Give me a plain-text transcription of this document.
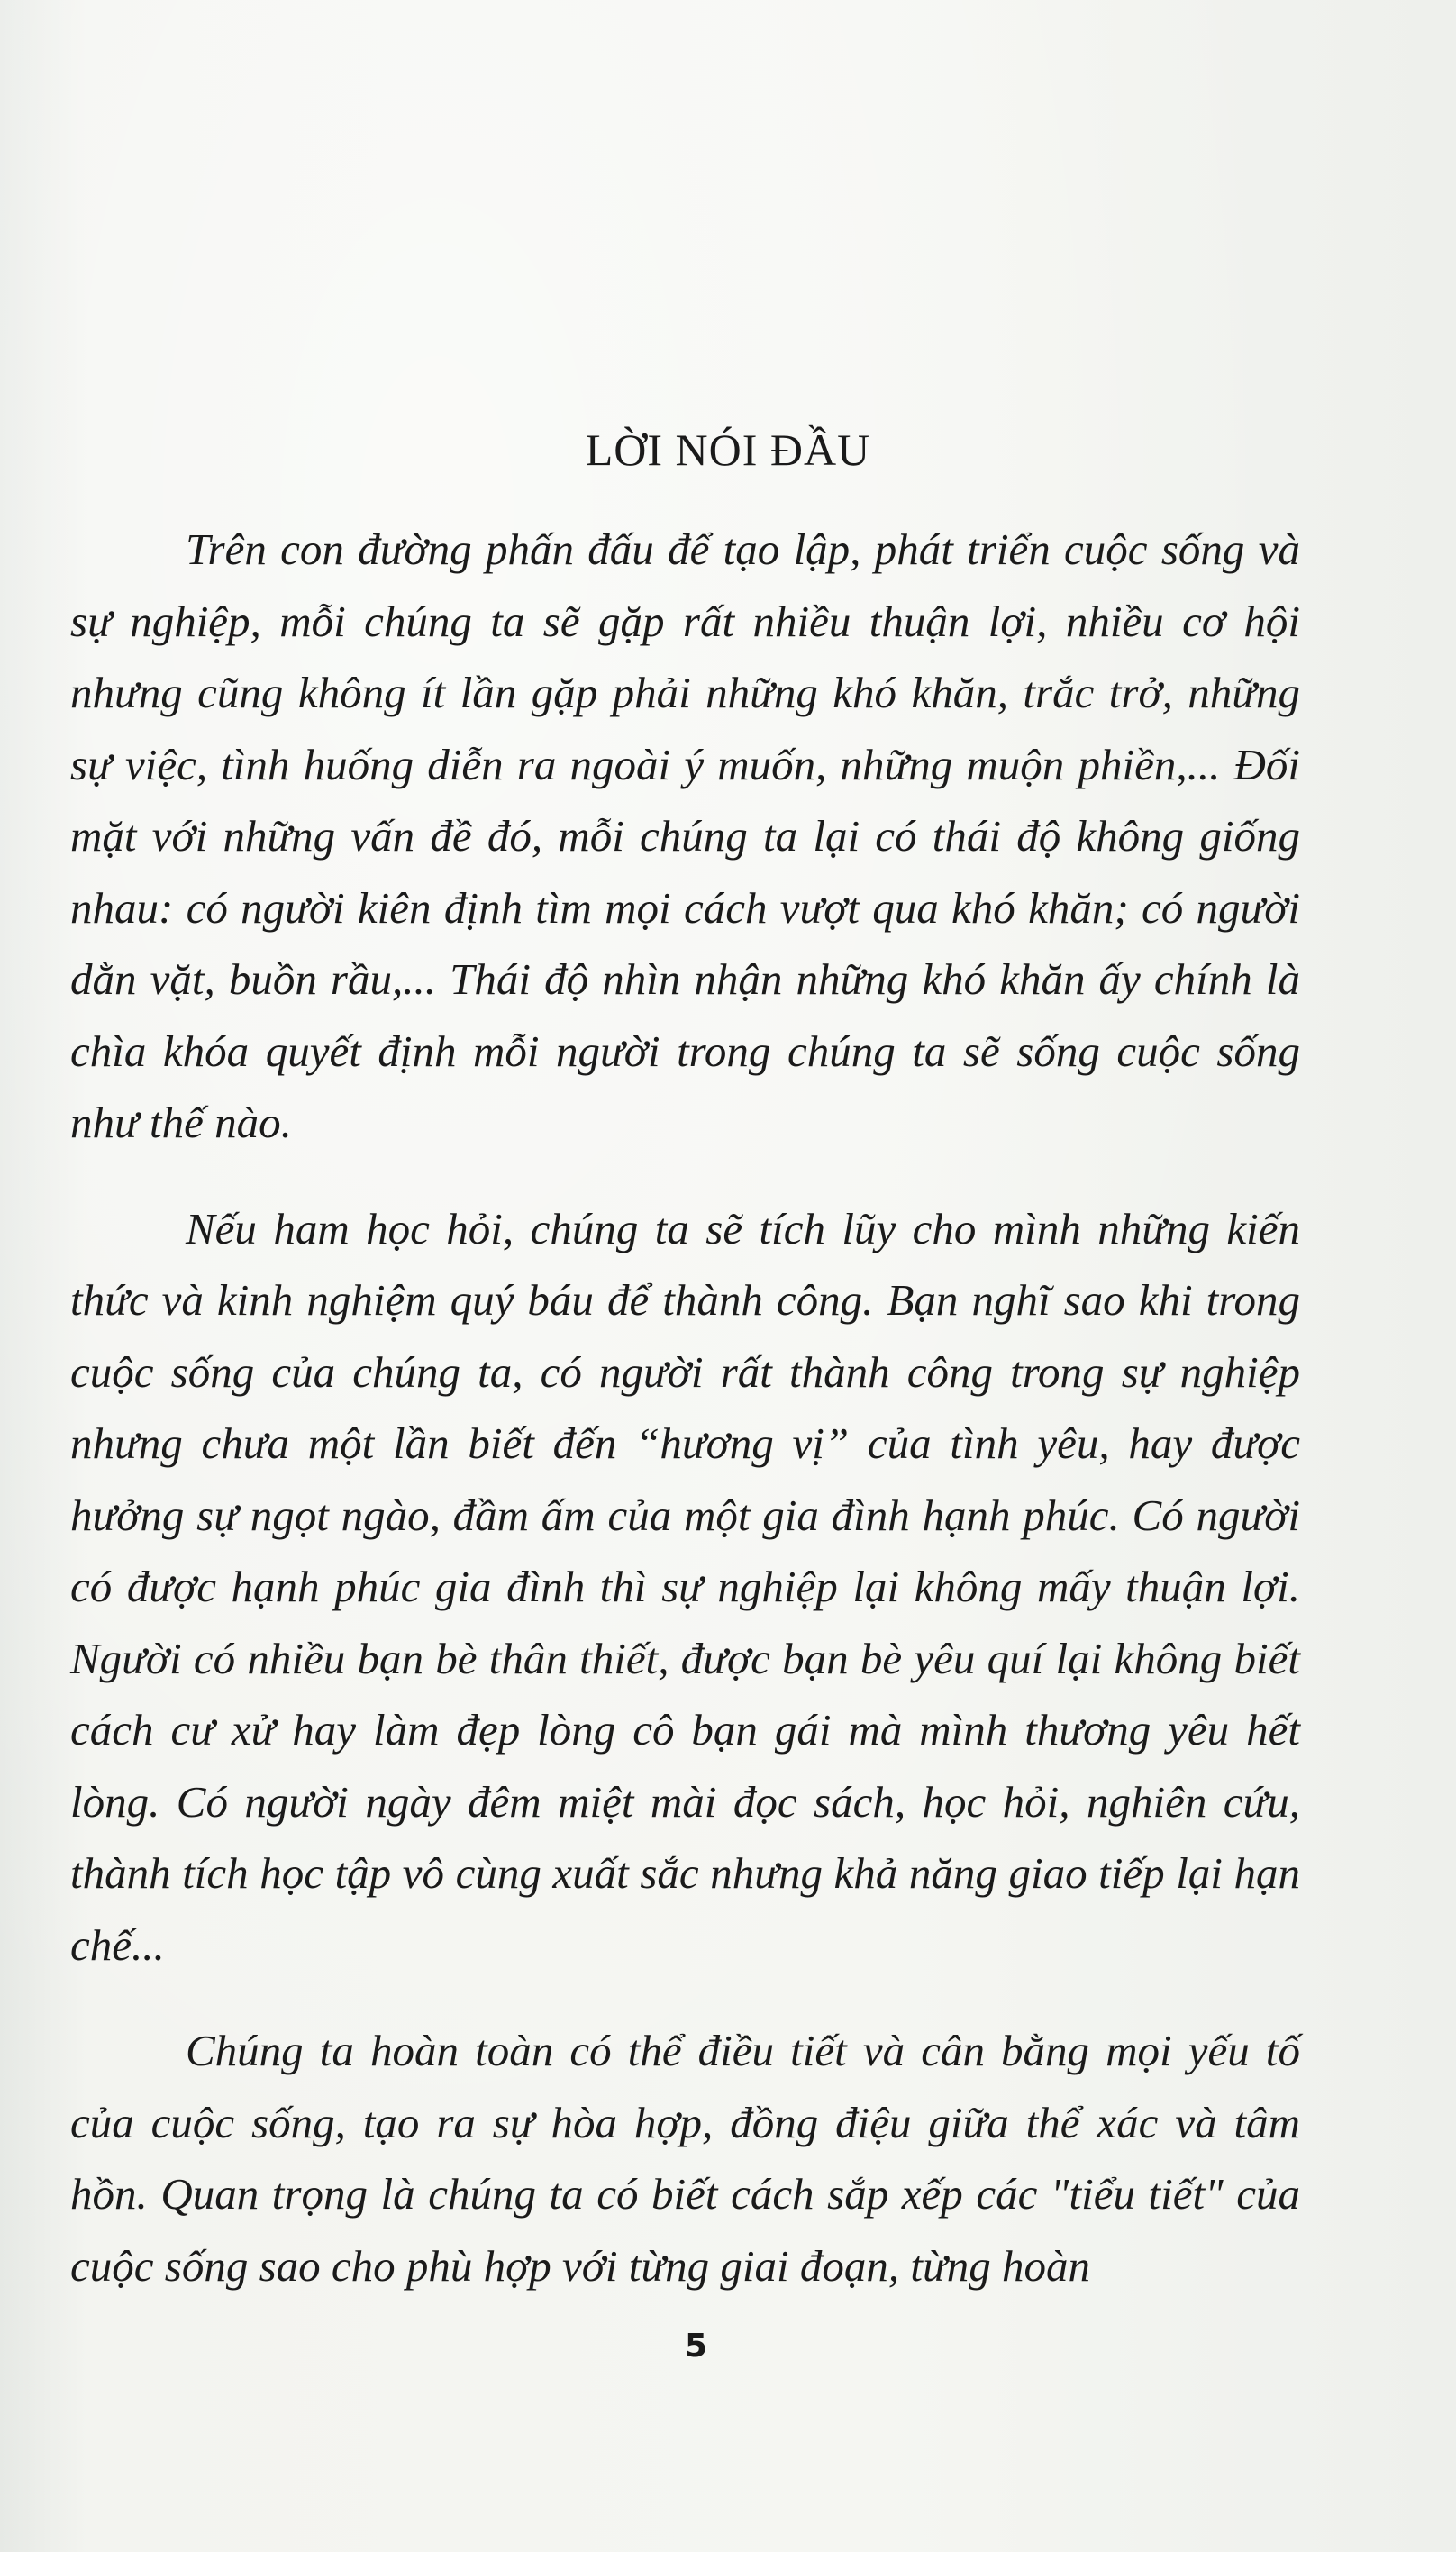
LỜI NÓI ĐẦU

Trên con đường phấn đấu để tạo lập, phát triển cuộc sống và sự nghiệp, mỗi chúng ta sẽ gặp rất nhiều thuận lợi, nhiều cơ hội nhưng cũng không ít lần gặp phải những khó khăn, trắc trở, những sự việc, tình huống diễn ra ngoài ý muốn, những muộn phiền,... Đối mặt với những vấn đề đó, mỗi chúng ta lại có thái độ không giống nhau: có người kiên định tìm mọi cách vượt qua khó khăn; có người dằn vặt, buồn rầu,... Thái độ nhìn nhận những khó khăn ấy chính là chìa khóa quyết định mỗi người trong chúng ta sẽ sống cuộc sống như thế nào.

Nếu ham học hỏi, chúng ta sẽ tích lũy cho mình những kiến thức và kinh nghiệm quý báu để thành công. Bạn nghĩ sao khi trong cuộc sống của chúng ta, có người rất thành công trong sự nghiệp nhưng chưa một lần biết đến “hương vị” của tình yêu, hay được hưởng sự ngọt ngào, đầm ấm của một gia đình hạnh phúc. Có người có được hạnh phúc gia đình thì sự nghiệp lại không mấy thuận lợi. Người có nhiều bạn bè thân thiết, được bạn bè yêu quí lại không biết cách cư xử hay làm đẹp lòng cô bạn gái mà mình thương yêu hết lòng. Có người ngày đêm miệt mài đọc sách, học hỏi, nghiên cứu, thành tích học tập vô cùng xuất sắc nhưng khả năng giao tiếp lại hạn chế...

Chúng ta hoàn toàn có thể điều tiết và cân bằng mọi yếu tố của cuộc sống, tạo ra sự hòa hợp, đồng điệu giữa thể xác và tâm hồn. Quan trọng là chúng ta có biết cách sắp xếp các "tiểu tiết" của cuộc sống sao cho phù hợp với từng giai đoạn, từng hoàn

5
